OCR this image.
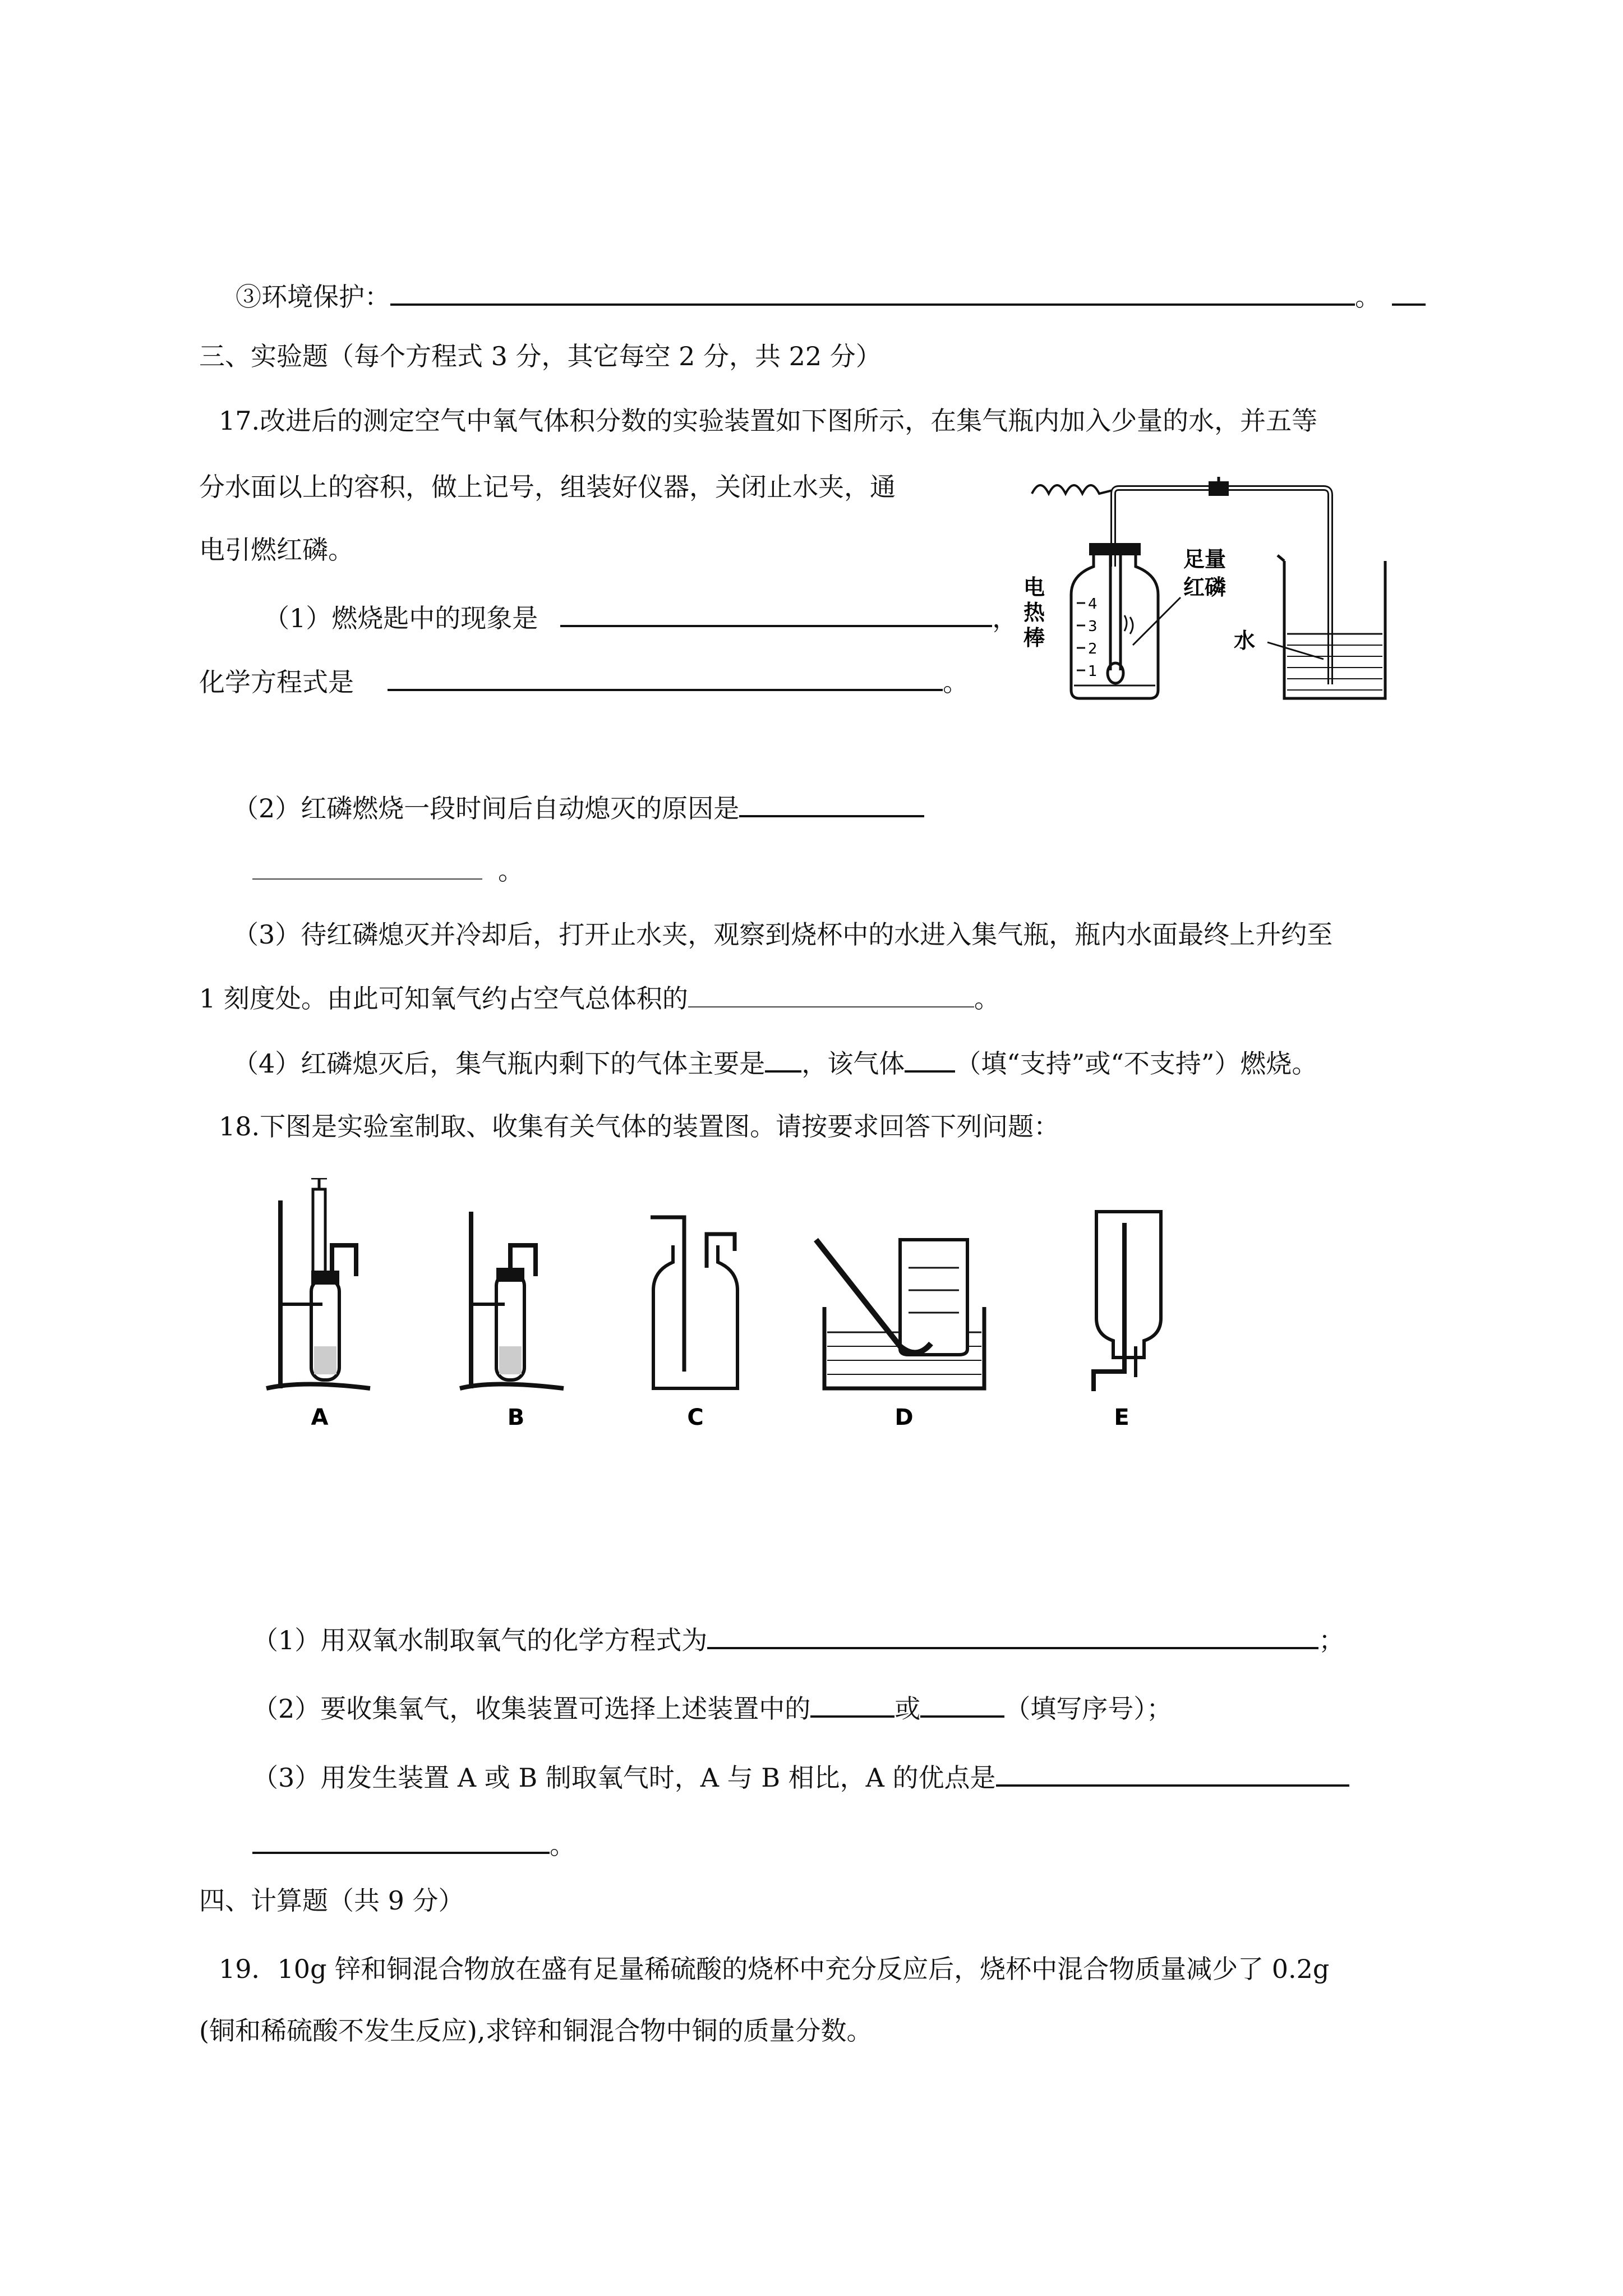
③环境保护：	。
三、实验题（每个方程式 3 分，其它每空 2 分，共 22 分）
17.改进后的测定空气中氧气体积分数的实验装置如下图所示，在集气瓶内加入少量的水，并五等
分水面以上的容积，做上记号，组装好仪器，关闭止水夹，通
电引燃红磷。
（1）燃烧匙中的现象是	，
化学方程式是	。
4
3
2
1
电
热
棒
足量
红磷
水
（2）红磷燃烧一段时间后自动熄灭的原因是
。
（3）待红磷熄灭并冷却后，打开止水夹，观察到烧杯中的水进入集气瓶，瓶内水面最终上升约至
1 刻度处。由此可知氧气约占空气总体积的	。
（4）红磷熄灭后，集气瓶内剩下的气体主要是 ，该气体 （填“支持”或“不支持”）燃烧。
18.下图是实验室制取、收集有关气体的装置图。请按要求回答下列问题：
A	B	C	D	E
（1）用双氧水制取氧气的化学方程式为	；
（2）要收集氧气，收集装置可选择上述装置中的	或	（填写序号）；
（3）用发生装置 A 或 B 制取氧气时，A 与 B 相比，A 的优点是
。
四、计算题（共 9 分）
19．10g 锌和铜混合物放在盛有足量稀硫酸的烧杯中充分反应后，烧杯中混合物质量减少了 0.2g
(铜和稀硫酸不发生反应),求锌和铜混合物中铜的质量分数。
